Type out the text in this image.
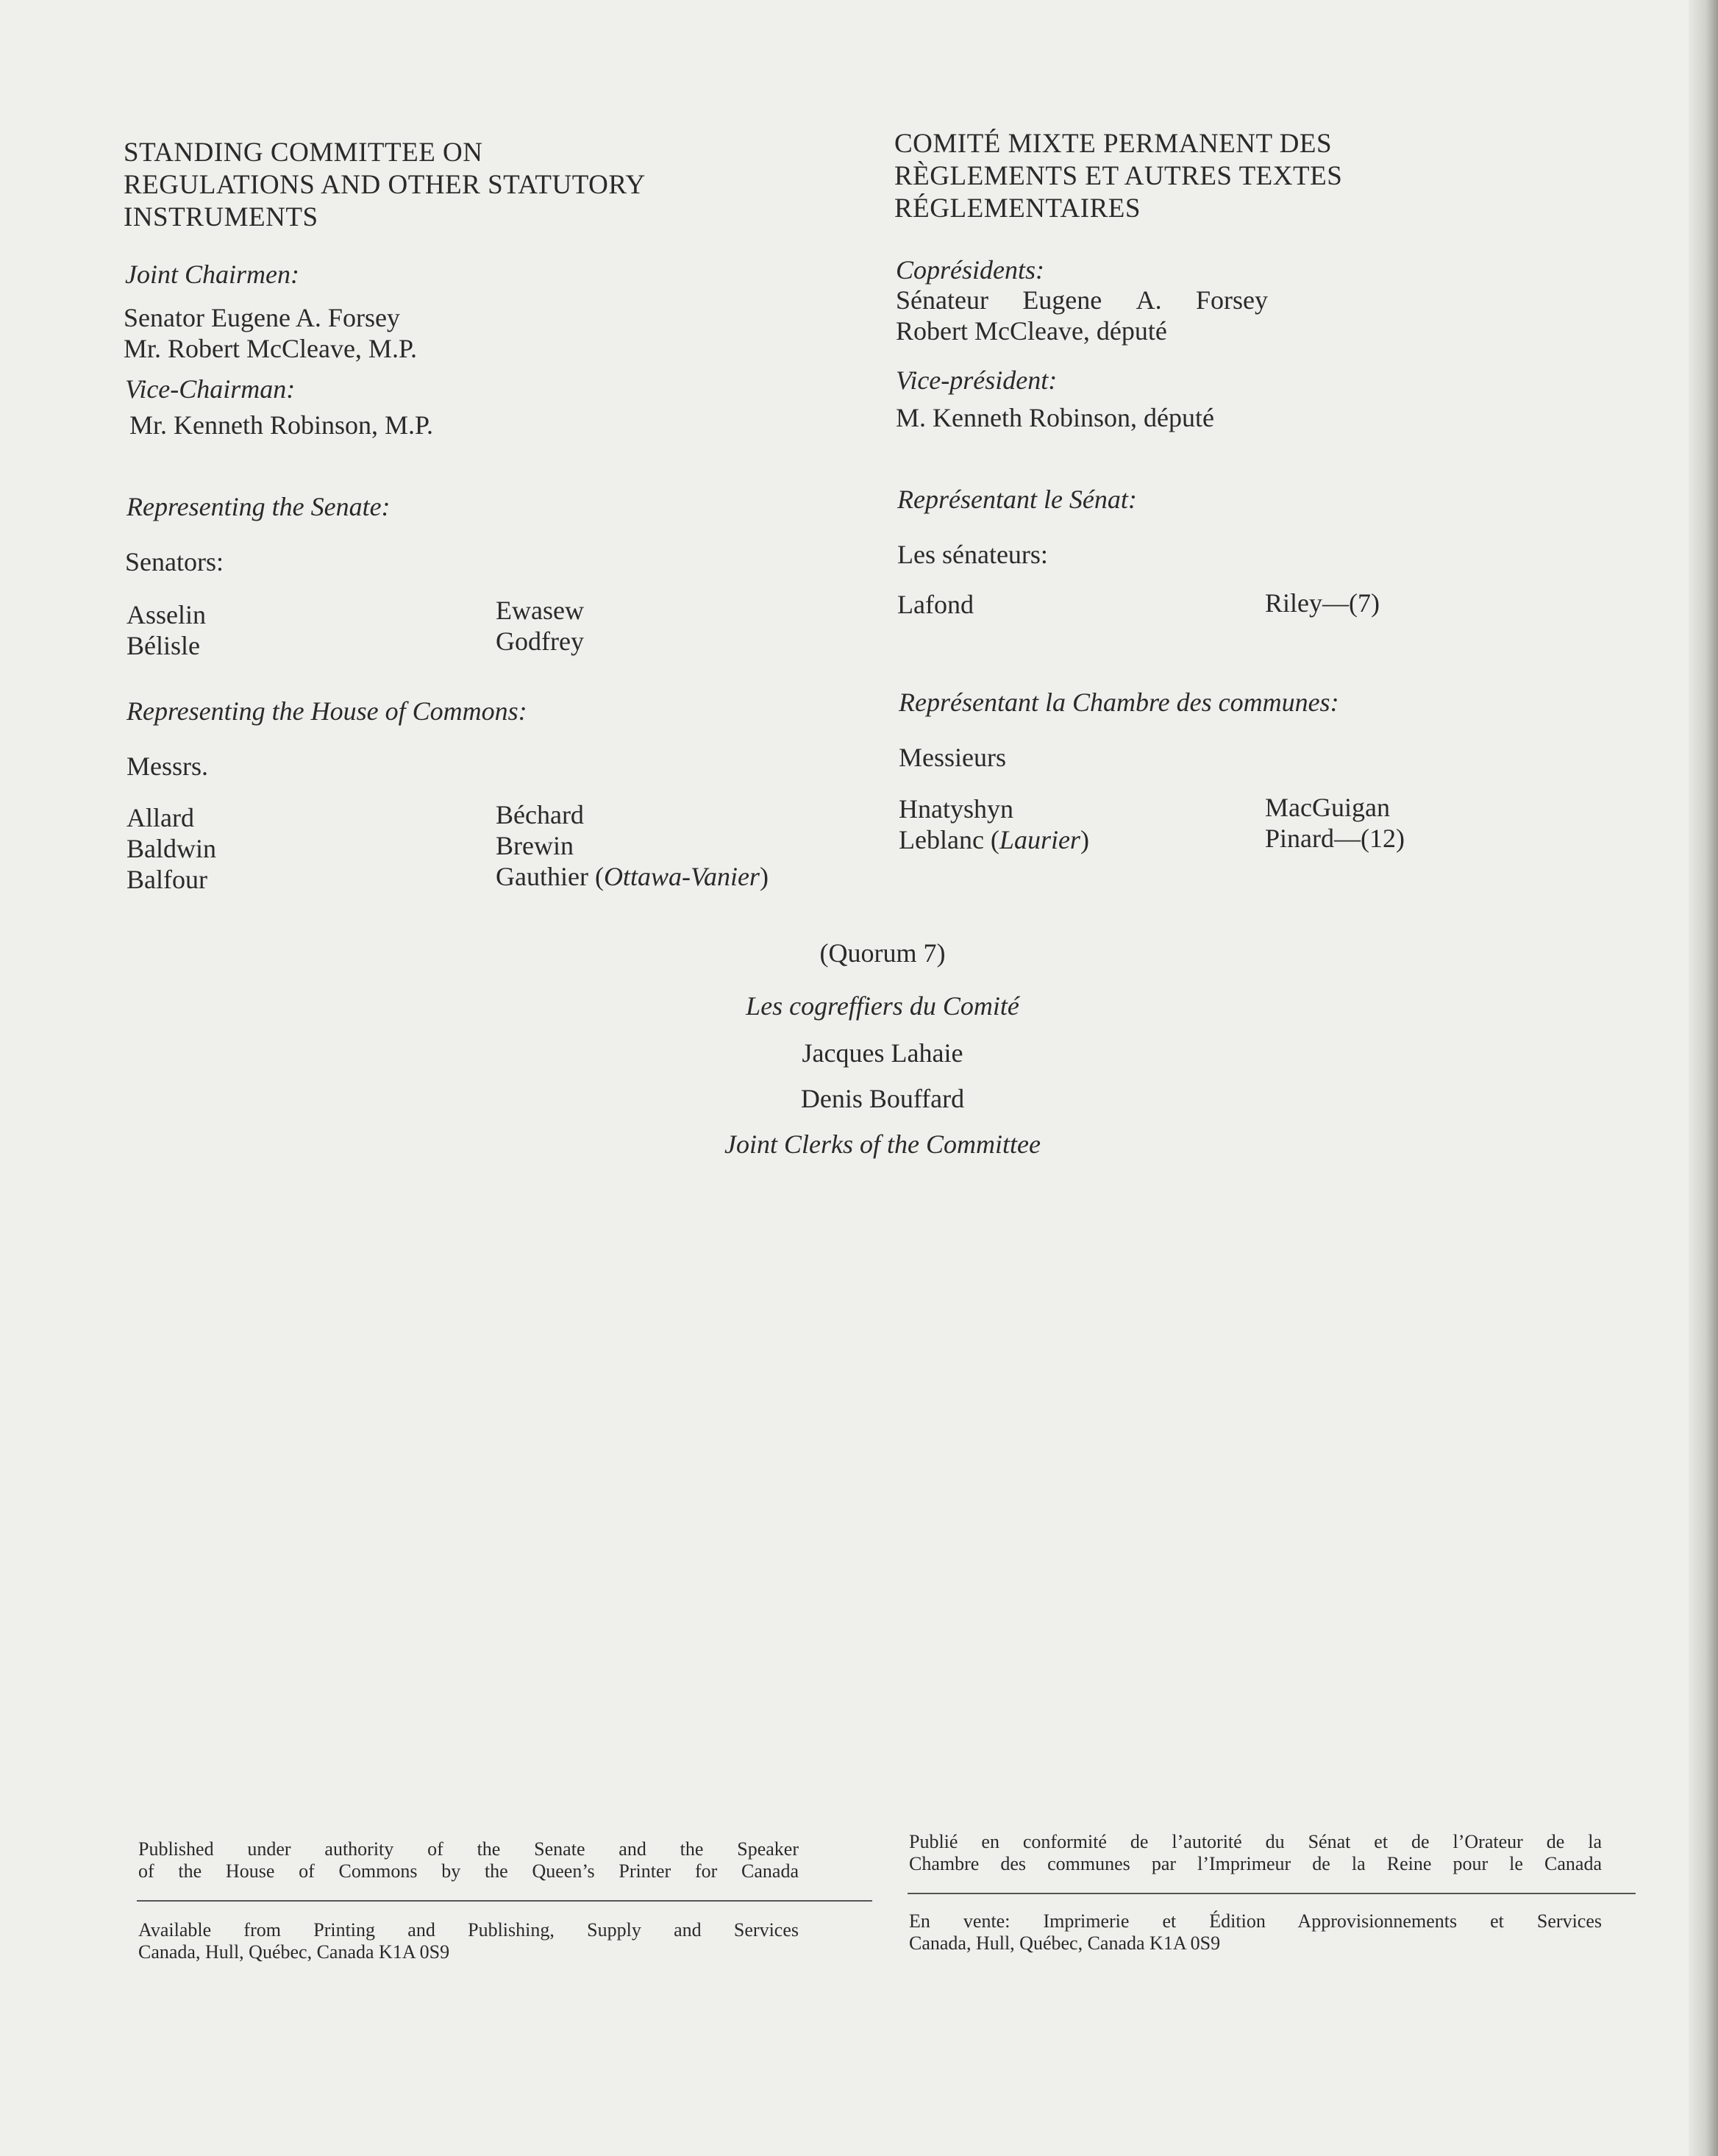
STANDING COMMITTEE ON
REGULATIONS AND OTHER STATUTORY
INSTRUMENTS
Joint Chairmen:
Senator Eugene A. Forsey
Mr. Robert McCleave, M.P.
Vice-Chairman:
Mr. Kenneth Robinson, M.P.
Representing the Senate:
Senators:
Asselin
Bélisle
Ewasew
Godfrey
Representing the House of Commons:
Messrs.
Allard
Baldwin
Balfour
Béchard
Brewin
Gauthier (Ottawa-Vanier)
COMITÉ MIXTE PERMANENT DES
RÈGLEMENTS ET AUTRES TEXTES
RÉGLEMENTAIRES
Coprésidents:
Sénateur Eugene A. Forsey
Robert McCleave, député
Vice-président:
M. Kenneth Robinson, député
Représentant le Sénat:
Les sénateurs:
Lafond	Riley—(7)
Représentant la Chambre des communes:
Messieurs
Hnatyshyn
Leblanc (Laurier)
MacGuigan
Pinard—(12)
(Quorum 7)
Les cogreffiers du Comité
Jacques Lahaie
Denis Bouffard
Joint Clerks of the Committee
Published under authority of the Senate and the Speaker
of the House of Commons by the Queen’s Printer for Canada
Available from Printing and Publishing, Supply and Services
Canada, Hull, Québec, Canada K1A 0S9
Publié en conformité de l’autorité du Sénat et de l’Orateur de la
Chambre des communes par l’Imprimeur de la Reine pour le Canada
En vente: Imprimerie et Édition Approvisionnements et Services
Canada, Hull, Québec, Canada K1A 0S9
